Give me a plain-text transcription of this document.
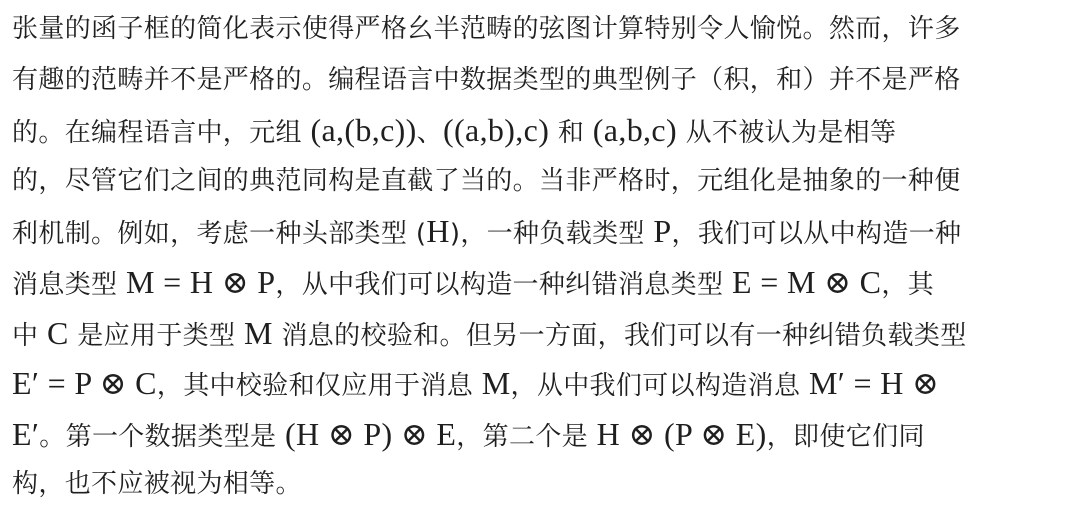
张量的函子框的简化表示使得严格幺半范畴的弦图计算特别令人愉悦。然而，许多
有趣的范畴并不是严格的。编程语言中数据类型的典型例子（积，和）并不是严格
的。在编程语言中，元组 (a,(b,c))、((a,b),c) 和 (a,b,c) 从不被认为是相等
的，尽管它们之间的典范同构是直截了当的。当非严格时，元组化是抽象的一种便
利机制。例如，考虑一种头部类型 (H)，一种负载类型 P，我们可以从中构造一种
消息类型 M = H ⊗ P，从中我们可以构造一种纠错消息类型 E = M ⊗ C，其
中 C 是应用于类型 M 消息的校验和。但另一方面，我们可以有一种纠错负载类型
E′ = P ⊗ C，其中校验和仅应用于消息 M，从中我们可以构造消息 M′ = H ⊗
E′。第一个数据类型是 (H ⊗ P) ⊗ E，第二个是 H ⊗ (P ⊗ E)，即使它们同
构，也不应被视为相等。
